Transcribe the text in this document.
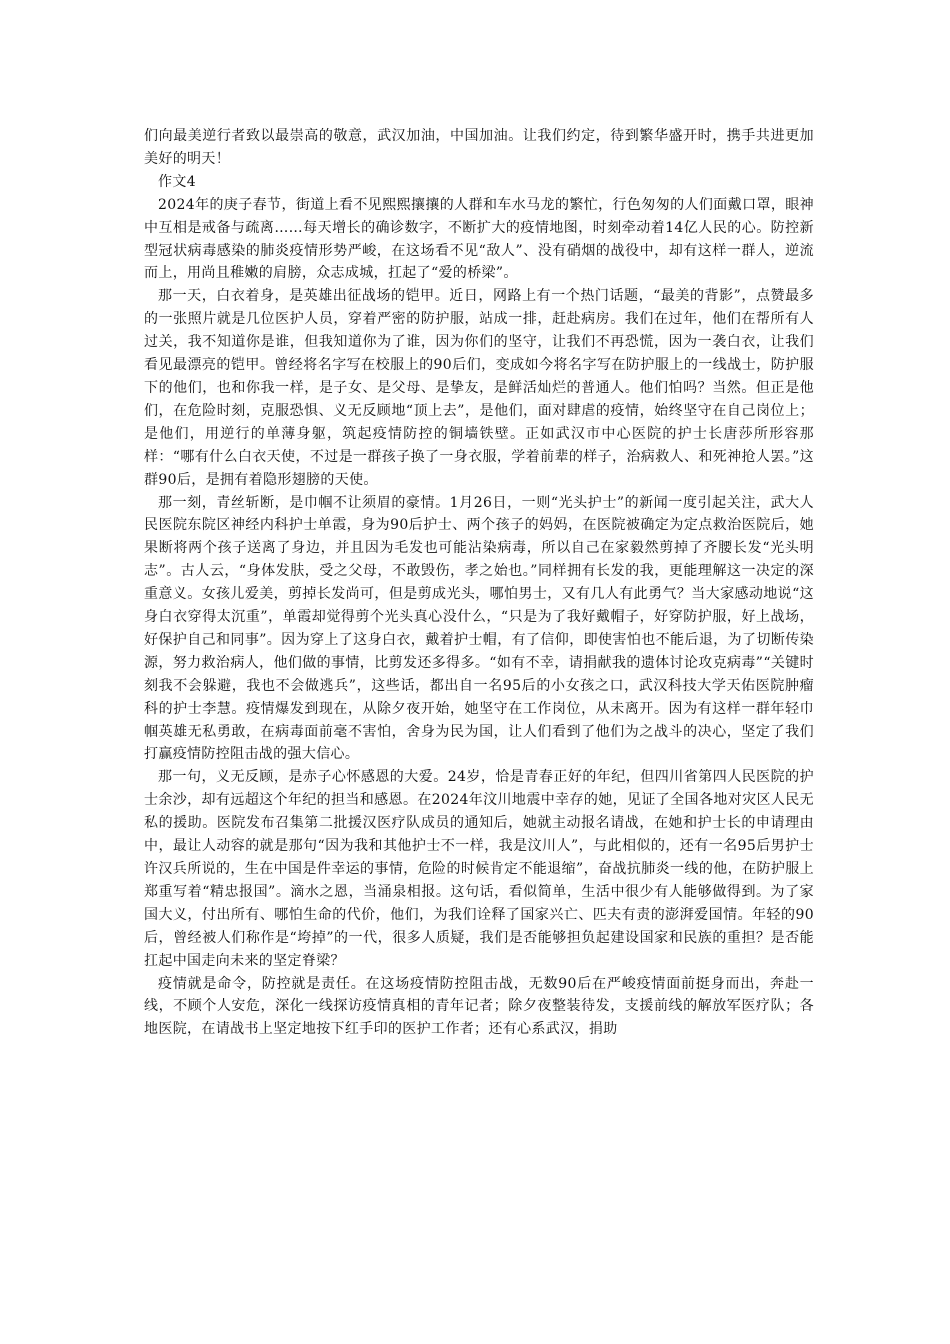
们向最美逆行者致以最崇高的敬意，武汉加油，中国加油。让我们约定，待到繁华盛开时，携手共进更加美好的明天！

作文4

2024年的庚子春节，街道上看不见熙熙攘攘的人群和车水马龙的繁忙，行色匆匆的人们面戴口罩，眼神中互相是戒备与疏离……每天增长的确诊数字，不断扩大的疫情地图，时刻牵动着14亿人民的心。防控新型冠状病毒感染的肺炎疫情形势严峻，在这场看不见“敌人”、没有硝烟的战役中，却有这样一群人，逆流而上，用尚且稚嫩的肩膀，众志成城，扛起了“爱的桥梁”。

那一天，白衣着身，是英雄出征战场的铠甲。近日，网路上有一个热门话题，“最美的背影”，点赞最多的一张照片就是几位医护人员，穿着严密的防护服，站成一排，赶赴病房。我们在过年，他们在帮所有人过关，我不知道你是谁，但我知道你为了谁，因为你们的坚守，让我们不再恐慌，因为一袭白衣，让我们看见最漂亮的铠甲。曾经将名字写在校服上的90后们，变成如今将名字写在防护服上的一线战士，防护服下的他们，也和你我一样，是子女、是父母、是挚友，是鲜活灿烂的普通人。他们怕吗？当然。但正是他们，在危险时刻，克服恐惧、义无反顾地“顶上去”，是他们，面对肆虐的疫情，始终坚守在自己岗位上；是他们，用逆行的单薄身躯，筑起疫情防控的铜墙铁壁。正如武汉市中心医院的护士长唐莎所形容那样：“哪有什么白衣天使，不过是一群孩子换了一身衣服，学着前辈的样子，治病救人、和死神抢人罢。”这群90后，是拥有着隐形翅膀的天使。

那一刻，青丝斩断，是巾帼不让须眉的豪情。1月26日，一则“光头护士”的新闻一度引起关注，武大人民医院东院区神经内科护士单霞，身为90后护士、两个孩子的妈妈，在医院被确定为定点救治医院后，她果断将两个孩子送离了身边，并且因为毛发也可能沾染病毒，所以自己在家毅然剪掉了齐腰长发“光头明志”。古人云，“身体发肤，受之父母，不敢毁伤，孝之始也。”同样拥有长发的我，更能理解这一决定的深重意义。女孩儿爱美，剪掉长发尚可，但是剪成光头，哪怕男士，又有几人有此勇气？当大家感动地说“这身白衣穿得太沉重”，单霞却觉得剪个光头真心没什么，“只是为了我好戴帽子，好穿防护服，好上战场，好保护自己和同事”。因为穿上了这身白衣，戴着护士帽，有了信仰，即使害怕也不能后退，为了切断传染源，努力救治病人，他们做的事情，比剪发还多得多。“如有不幸，请捐献我的遗体讨论攻克病毒”“关键时刻我不会躲避，我也不会做逃兵”，这些话，都出自一名95后的小女孩之口，武汉科技大学天佑医院肿瘤科的护士李慧。疫情爆发到现在，从除夕夜开始，她坚守在工作岗位，从未离开。因为有这样一群年轻巾帼英雄无私勇敢，在病毒面前毫不害怕，舍身为民为国，让人们看到了他们为之战斗的决心，坚定了我们打赢疫情防控阻击战的强大信心。

那一句，义无反顾，是赤子心怀感恩的大爱。24岁，恰是青春正好的年纪，但四川省第四人民医院的护士余沙，却有远超这个年纪的担当和感恩。在2024年汶川地震中幸存的她，见证了全国各地对灾区人民无私的援助。医院发布召集第二批援汉医疗队成员的通知后，她就主动报名请战，在她和护士长的申请理由中，最让人动容的就是那句“因为我和其他护士不一样，我是汶川人”，与此相似的，还有一名95后男护士许汉兵所说的，生在中国是件幸运的事情，危险的时候肯定不能退缩”，奋战抗肺炎一线的他，在防护服上郑重写着“精忠报国”。滴水之恩，当涌泉相报。这句话，看似简单，生活中很少有人能够做得到。为了家国大义，付出所有、哪怕生命的代价，他们，为我们诠释了国家兴亡、匹夫有责的澎湃爱国情。年轻的90后，曾经被人们称作是“垮掉”的一代，很多人质疑，我们是否能够担负起建设国家和民族的重担？是否能扛起中国走向未来的坚定脊梁？

疫情就是命令，防控就是责任。在这场疫情防控阻击战，无数90后在严峻疫情面前挺身而出，奔赴一线，不顾个人安危，深化一线探访疫情真相的青年记者；除夕夜整装待发，支援前线的解放军医疗队；各地医院，在请战书上坚定地按下红手印的医护工作者；还有心系武汉，捐助
